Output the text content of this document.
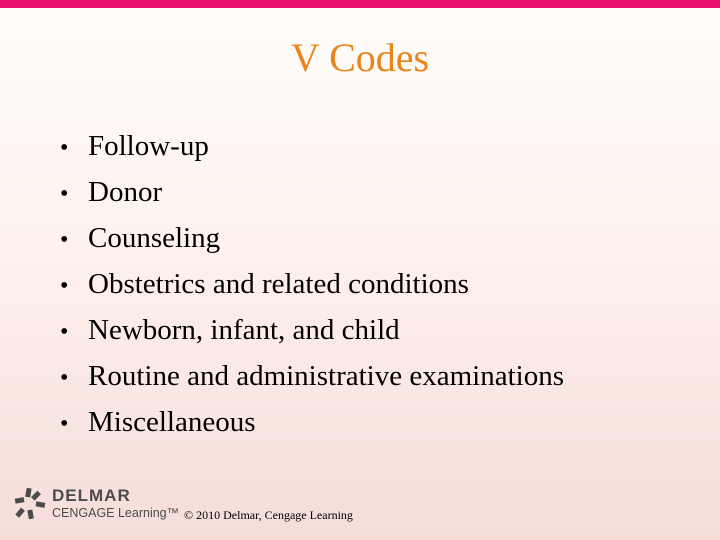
V Codes
• Follow-up
• Donor
• Counseling
• Obstetrics and related conditions
• Newborn, infant, and child
• Routine and administrative examinations
• Miscellaneous
DELMAR
CENGAGE Learning™ © 2010 Delmar, Cengage Learning
